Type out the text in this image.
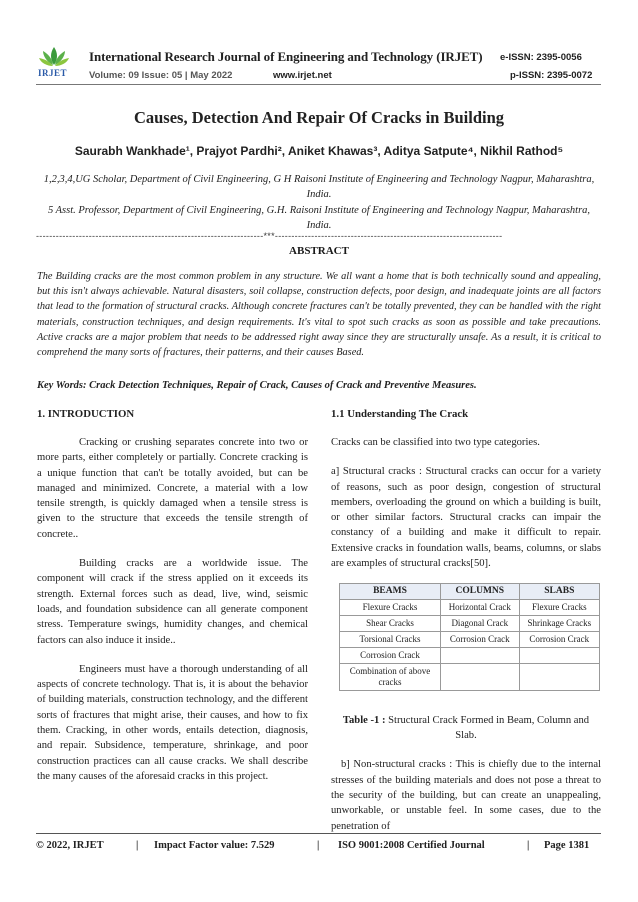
IRJET
International Research Journal of Engineering and Technology (IRJET) e-ISSN: 2395-0056
Volume: 09 Issue: 05 | May 2022	www.irjet.net	p-ISSN: 2395-0072
Causes, Detection And Repair Of Cracks in Building
Saurabh Wankhade¹, Prajyot Pardhi², Aniket Khawas³, Aditya Satpute⁴, Nikhil Rathod⁵
1,2,3,4,UG Scholar, Department of Civil Engineering, G H Raisoni Institute of Engineering and Technology Nagpur, Maharashtra, India.
5 Asst. Professor, Department of Civil Engineering, G.H. Raisoni Institute of Engineering and Technology Nagpur, Maharashtra, India.
---------------------------------------------------------------------***---------------------------------------------------------------------
ABSTRACT
The Building cracks are the most common problem in any structure. We all want a home that is both technically sound and appealing, but this isn't always achievable. Natural disasters, soil collapse, construction defects, poor design, and inadequate joints are all factors that lead to the formation of structural cracks. Although concrete fractures can't be totally prevented, they can be handled with the right materials, construction techniques, and design requirements. It's vital to spot such cracks as soon as possible and take precautions. Active cracks are a major problem that needs to be addressed right away since they are structurally unsafe. As a result, it is critical to comprehend the many sorts of fractures, their patterns, and their causes Based.
Key Words: Crack Detection Techniques, Repair of Crack, Causes of Crack and Preventive Measures.

1. INTRODUCTION

Cracking or crushing separates concrete into two or more parts, either completely or partially. Concrete cracking is a unique function that can't be totally avoided, but can be managed and minimized. Concrete, a material with a low tensile strength, is quickly damaged when a tensile stress is given to the structure that exceeds the tensile strength of concrete..

Building cracks are a worldwide issue. The component will crack if the stress applied on it exceeds its strength. External forces such as dead, live, wind, seismic loads, and foundation subsidence can all generate component stress. Temperature swings, humidity changes, and chemical factors can also induce it inside..

Engineers must have a thorough understanding of all aspects of concrete technology. That is, it is about the behavior of building materials, construction technology, and the different sorts of fractures that might arise, their causes, and how to fix them. Cracking, in other words, entails detection, diagnosis, and repair. Subsidence, temperature, shrinkage, and poor construction practices can all cause cracks. We shall describe the many causes of the aforesaid cracks in this project.

1.1 Understanding The Crack

Cracks can be classified into two type categories.

a] Structural cracks : Structural cracks can occur for a variety of reasons, such as poor design, congestion of structural members, overloading the ground on which a building is built, or other similar factors. Structural cracks can impair the constancy of a building and make it difficult to repair. Extensive cracks in foundation walls, beams, columns, or slabs are examples of structural cracks[50].

BEAMS	COLUMNS	SLABS
Flexure Cracks	Horizontal Crack	Flexure Cracks
Shear Cracks	Diagonal Crack	Shrinkage Cracks
Torsional Cracks	Corrosion Crack	Corrosion Crack
Corrosion Crack		
Combination of above cracks		

Table -1 : Structural Crack Formed in Beam, Column and Slab.

b] Non-structural cracks : This is chiefly due to the internal stresses of the building materials and does not pose a threat to the security of the building, but can create an unappealing, unworkable, or unstable feel. In some cases, due to the penetration of

© 2022, IRJET	| Impact Factor value: 7.529	| ISO 9001:2008 Certified Journal	| Page 1381
